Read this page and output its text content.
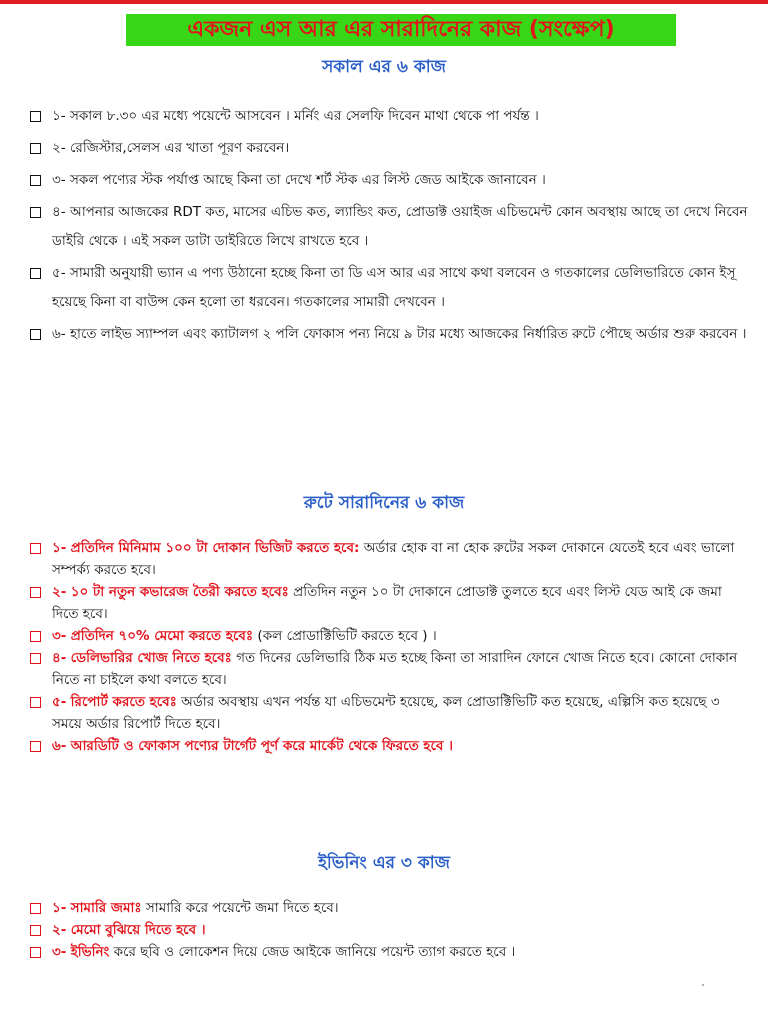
একজন এস আর এর সারাদিনের কাজ (সংক্ষেপ)
সকাল এর ৬ কাজ
১- সকাল ৮.৩০ এর মধ্যে পয়েন্টে আসবেন । মর্নিং এর সেলফি দিবেন মাথা থেকে পা পর্যন্ত ।
২- রেজিস্টার,সেলস এর খাতা পূরণ করবেন।
৩- সকল পণ্যের স্টক পর্যাপ্ত আছে কিনা তা দেখে শর্ট স্টক এর লিস্ট জেড আইকে জানাবেন ।
৪- আপনার আজকের RDT কত, মাসের এচিভ কত, ল্যান্ডিং কত, প্রোডাক্ট ওয়াইজ এচিভমেন্ট কোন অবস্থায় আছে তা দেখে নিবেন ডাইরি থেকে । এই সকল ডাটা ডাইরিতে লিখে রাখতে হবে ।
৫- সামারী অনুযায়ী ভ্যান এ পণ্য উঠানো হচ্ছে কিনা তা ডি এস আর এর সাথে কথা বলবেন ও গতকালের ডেলিভারিতে কোন ইসূ হয়েছে কিনা বা বাউন্স কেন হলো তা ধরবেন। গতকালের সামারী দেখবেন ।
৬- হাতে লাইভ স্যাম্পল এবং ক্যাটালগ ২ পলি ফোকাস পন্য নিয়ে ৯ টার মধ্যে আজকের নির্ধারিত রুটে পৌছে অর্ডার শুরু করবেন ।
রুটে সারাদিনের ৬ কাজ
১- প্রতিদিন মিনিমাম ১০০ টা দোকান ভিজিট করতে হবে: অর্ডার হোক বা না হোক রুটের সকল দোকানে যেতেই হবে এবং ভালো সম্পর্ক্য করতে হবে।
২- ১০ টা নতুন কভারেজ তৈরী করতে হবেঃ প্রতিদিন নতুন ১০ টা দোকানে প্রোডাক্ট তুলতে হবে এবং লিস্ট যেড আই কে জমা দিতে হবে।
৩- প্রতিদিন ৭০% মেমো করতে হবেঃ (কল প্রোডাক্টিভিটি করতে হবে ) ।
৪- ডেলিভারির খোজ নিতে হবেঃ গত দিনের ডেলিভারি ঠিক মত হচ্ছে কিনা তা সারাদিন ফোনে খোজ নিতে হবে। কোনো দোকান নিতে না চাইলে কথা বলতে হবে।
৫- রিপোর্ট করতে হবেঃ অর্ডার অবস্থায় এখন পর্যন্ত যা এচিভমেন্ট হয়েছে, কল প্রোডাক্টিভিটি কত হয়েছে, এল্পিসি কত হয়েছে ৩ সময়ে অর্ডার রিপোর্ট দিতে হবে।
৬- আরডিটি ও ফোকাস পণ্যের টার্গেট পূর্ণ করে মার্কেট থেকে ফিরতে হবে ।
ইভিনিং এর ৩ কাজ
১- সামারি জমাঃ সামারি করে পয়েন্টে জমা দিতে হবে।
২- মেমো বুঝিয়ে দিতে হবে ।
৩- ইভিনিং করে ছবি ও লোকেশন দিয়ে জেড আইকে জানিয়ে পয়েন্ট ত্যাগ করতে হবে ।
